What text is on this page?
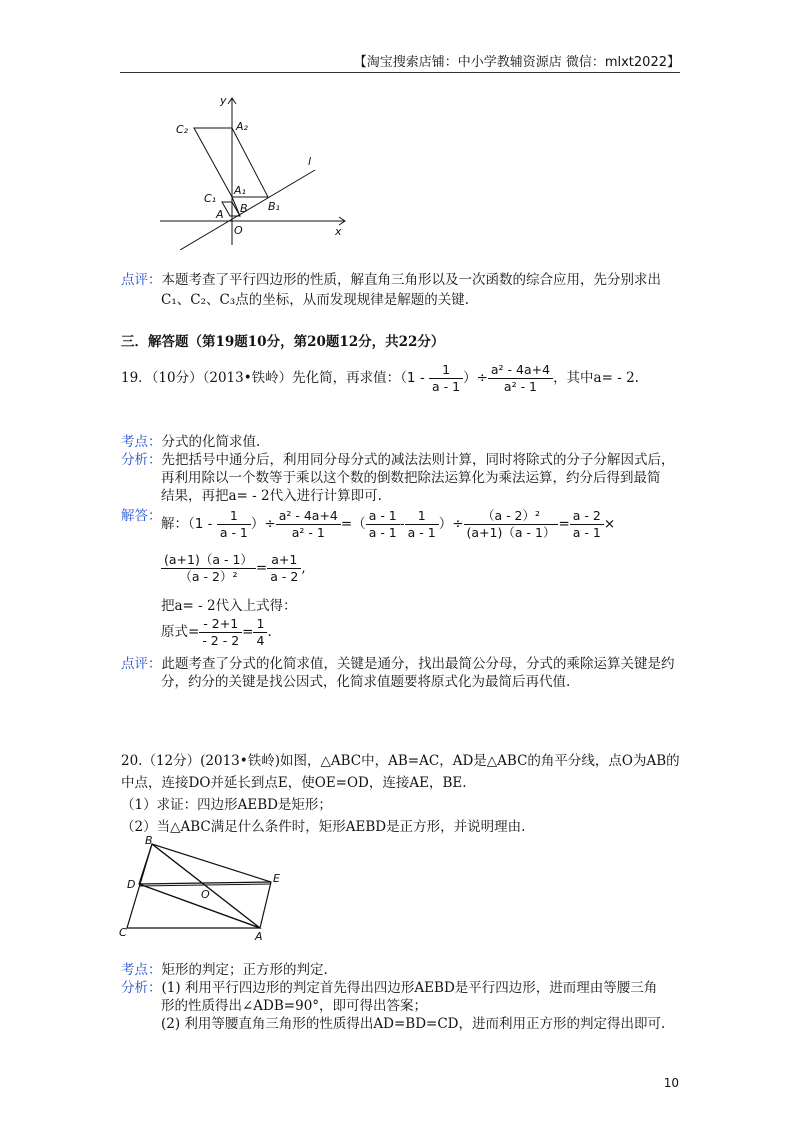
【淘宝搜索店铺：中小学教辅资源店 微信：mlxt2022】
y
C₂	A₂
l
C₁
A₁
A B B₁
O	x
点评：本题考查了平行四边形的性质，解直角三角形以及一次函数的综合应用，先分别求出
C₁、C₂、C₃点的坐标，从而发现规律是解题的关键.
三．解答题（第19题10分，第20题12分，共22分）
19．（10分）（2013•铁岭）先化简，再求值：（$1 - \frac{1}{a - 1}$ ）÷ $\frac{\text{a² - 4a+4}}{\text{a² - 1}}$ ，其中a= - 2.
考点：分式的化简求值.
分析：先把括号中通分后，利用同分母分式的减法法则计算，同时将除式的分子分解因式后，
再利用除以一个数等于乘以这个数的倒数把除法运算化为乘法运算，约分后得到最简
结果，再把a= - 2代入进行计算即可.
解答： 解：（$1 - \frac{1}{a - 1}$ ）÷ $\frac{\text{a² - 4a+4}}{\text{a² - 1}}$ =（ $\frac{a - 1}{a - 1} - \frac{1}{a - 1}$ ）÷ $\frac{\text{（a - 2）²}}{(a+1)(a - 1)} = \frac{a - 2}{a - 1}$ ×
$\frac{(a+1)(a - 1)}{\text{（a - 2）²}} = \frac{a+1}{a - 2}$ ,
把a= - 2代入上式得：
原式= $\frac{- 2+1}{- 2 - 2} = \frac{1}{4}$ .
点评：此题考查了分式的化简求值，关键是通分，找出最简公分母，分式的乘除运算关键是约
分，约分的关键是找公因式，化简求值题要将原式化为最简后再代值.
20.（12分）(2013•铁岭)如图，△ABC中，AB=AC，AD是△ABC的角平分线，点O为AB的
中点，连接DO并延长到点E，使OE=OD，连接AE，BE.
（1）求证：四边形AEBD是矩形；
（2）当△ABC满足什么条件时，矩形AEBD是正方形，并说明理由.
B
D
O
E
C	A
考点：矩形的判定；正方形的判定.
分析：(1) 利用平行四边形的判定首先得出四边形AEBD是平行四边形，进而理由等腰三角
形的性质得出∠ADB=90°，即可得出答案；
(2) 利用等腰直角三角形的性质得出AD=BD=CD，进而利用正方形的判定得出即可.
10
